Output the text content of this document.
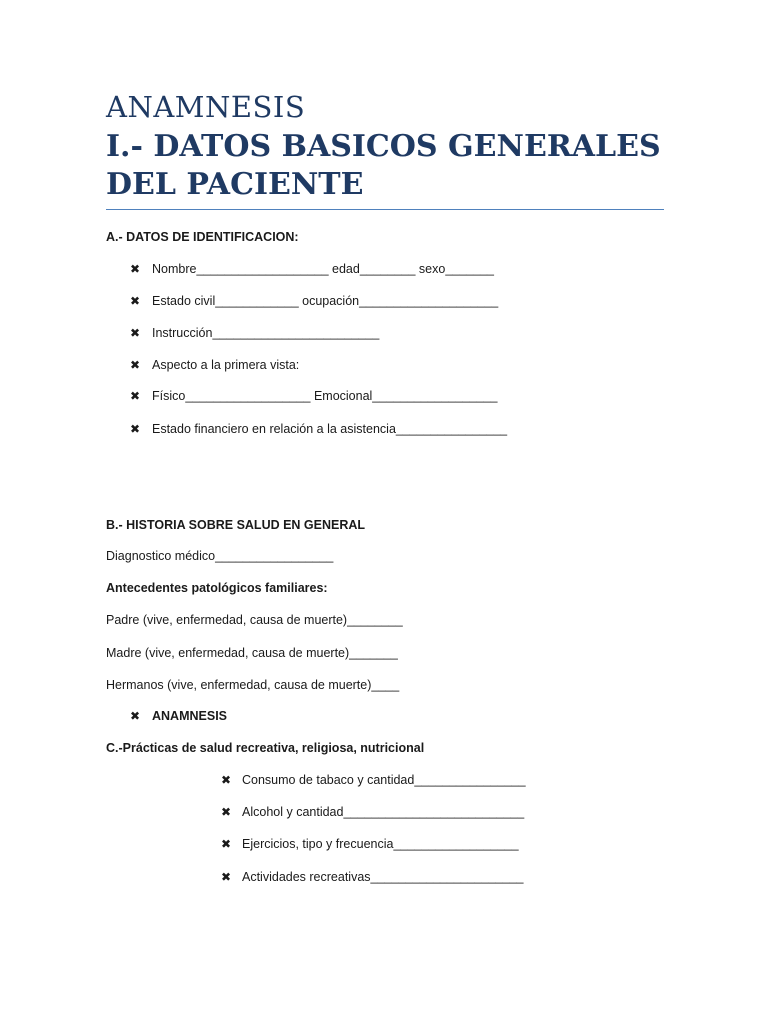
ANAMNESIS
I.- DATOS BASICOS GENERALES DEL PACIENTE
A.- DATOS DE IDENTIFICACION:
✖ Nombre___________________ edad________ sexo_______
✖ Estado civil____________ ocupación____________________
✖ Instrucción________________________
✖ Aspecto a la primera vista:
✖ Físico__________________ Emocional__________________
✖ Estado financiero en relación a la asistencia________________
B.- HISTORIA SOBRE SALUD EN GENERAL
Diagnostico médico_________________
Antecedentes patológicos familiares:
Padre (vive, enfermedad, causa de muerte)________
Madre (vive, enfermedad, causa de muerte)_______
Hermanos (vive, enfermedad, causa de muerte)____
✖ ANAMNESIS
C.-Prácticas de salud recreativa, religiosa, nutricional
✖ Consumo de tabaco y cantidad________________
✖ Alcohol y cantidad__________________________
✖ Ejercicios, tipo y frecuencia__________________
✖ Actividades recreativas______________________
